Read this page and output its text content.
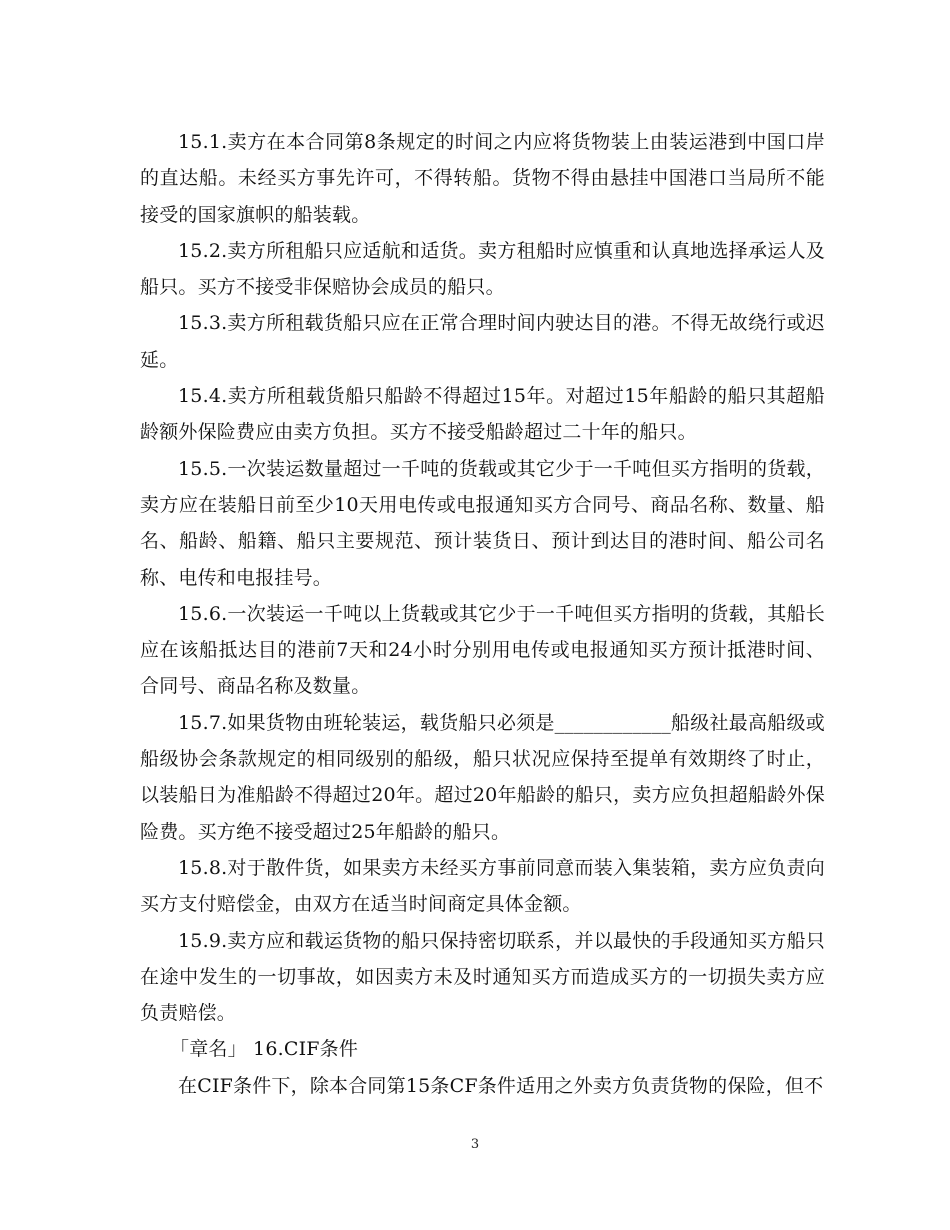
15.1.卖方在本合同第8条规定的时间之内应将货物装上由装运港到中国口岸的直达船。未经买方事先许可，不得转船。货物不得由悬挂中国港口当局所不能接受的国家旗帜的船装载。

15.2.卖方所租船只应适航和适货。卖方租船时应慎重和认真地选择承运人及船只。买方不接受非保赔协会成员的船只。

15.3.卖方所租载货船只应在正常合理时间内驶达目的港。不得无故绕行或迟延。

15.4.卖方所租载货船只船龄不得超过15年。对超过15年船龄的船只其超船龄额外保险费应由卖方负担。买方不接受船龄超过二十年的船只。

15.5.一次装运数量超过一千吨的货载或其它少于一千吨但买方指明的货载，卖方应在装船日前至少10天用电传或电报通知买方合同号、商品名称、数量、船名、船龄、船籍、船只主要规范、预计装货日、预计到达目的港时间、船公司名称、电传和电报挂号。

15.6.一次装运一千吨以上货载或其它少于一千吨但买方指明的货载，其船长应在该船抵达目的港前7天和24小时分别用电传或电报通知买方预计抵港时间、合同号、商品名称及数量。

15.7.如果货物由班轮装运，载货船只必须是____________船级社最高船级或船级协会条款规定的相同级别的船级，船只状况应保持至提单有效期终了时止，以装船日为准船龄不得超过20年。超过20年船龄的船只，卖方应负担超船龄外保险费。买方绝不接受超过25年船龄的船只。

15.8.对于散件货，如果卖方未经买方事前同意而装入集装箱，卖方应负责向买方支付赔偿金，由双方在适当时间商定具体金额。

15.9.卖方应和载运货物的船只保持密切联系，并以最快的手段通知买方船只在途中发生的一切事故，如因卖方未及时通知买方而造成买方的一切损失卖方应负责赔偿。

「章名」 16.CIF条件

在CIF条件下，除本合同第15条CF条件适用之外卖方负责货物的保险，但不

3
